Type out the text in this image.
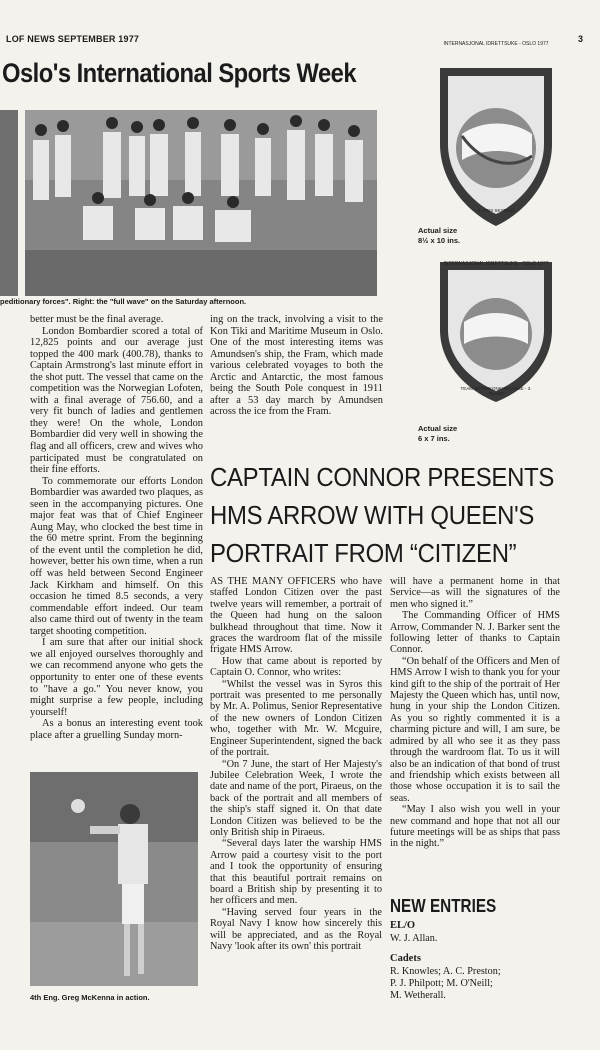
LOF NEWS SEPTEMBER 1977	3
Oslo's International Sports Week
peditionary forces". Right: the "full wave" on the Saturday afternoon.
INTERNASJONAL IDRETTSUKE - OSLO 1977
3. PRIS SKYTING
Actual size
8½ x 10 ins.
INTERNASJONAL IDRETTSUKE - OSLO 1977
TEAM SKYTEKONKURRANSE - 3. PLASS
Actual size
6 x 7 ins.

better must be the final average.

London Bombardier scored a total of 12,825 points and our average just topped the 400 mark (400.78), thanks to Captain Armstrong's last minute effort in the shot putt. The vessel that came on the competition was the Norwegian Lofoten, with a final average of 756.60, and a very fit bunch of ladies and gentlemen they were! On the whole, London Bombardier did very well in showing the flag and all officers, crew and wives who participated must be congratulated on their fine efforts.

To commemorate our efforts London Bombardier was awarded two plaques, as seen in the accompanying pictures. One major feat was that of Chief Engineer Aung May, who clocked the best time in the 60 metre sprint. From the beginning of the event until the completion he did, however, better his own time, when a run off was held between Second Engineer Jack Kirkham and himself. On this occasion he timed 8.5 seconds, a very commendable effort indeed. Our team also came third out of twenty in the team target shooting competition.

I am sure that after our initial shock we all enjoyed ourselves thoroughly and we can recommend anyone who gets the opportunity to enter one of these events to "have a go." You never know, you might surprise a few people, including yourself!

As a bonus an interesting event took place after a gruelling Sunday morn-

ing on the track, involving a visit to the Kon Tiki and Maritime Museum in Oslo. One of the most interesting items was Amundsen's ship, the Fram, which made various celebrated voyages to both the Arctic and Antarctic, the most famous being the South Pole conquest in 1911 after a 53 day march by Amundsen across the ice from the Fram.

CAPTAIN CONNOR PRESENTS
HMS ARROW WITH QUEEN'S
PORTRAIT FROM “CITIZEN”
4th Eng. Greg McKenna in action.

AS THE MANY OFFICERS who have staffed London Citizen over the past twelve years will remember, a portrait of the Queen had hung on the saloon bulkhead throughout that time. Now it graces the wardroom flat of the missile frigate HMS Arrow.

How that came about is reported by Captain O. Connor, who writes:

“Whilst the vessel was in Syros this portrait was presented to me personally by Mr. A. Polimus, Senior Representative of the new owners of London Citizen who, together with Mr. W. Mcguire, Engineer Superintendent, signed the back of the portrait.

“On 7 June, the start of Her Majesty's Jubilee Celebration Week, I wrote the date and name of the port, Piraeus, on the back of the portrait and all members of the ship's staff signed it. On that date London Citizen was believed to be the only British ship in Piraeus.

“Several days later the warship HMS Arrow paid a courtesy visit to the port and I took the opportunity of ensuring that this beautiful portrait remains on board a British ship by presenting it to her officers and men.

“Having served four years in the Royal Navy I know how sincerely this will be appreciated, and as the Royal Navy 'look after its own' this portrait

will have a permanent home in that Service—as will the signatures of the men who signed it.”

The Commanding Officer of HMS Arrow, Commander N. J. Barker sent the following letter of thanks to Captain Connor.

“On behalf of the Officers and Men of HMS Arrow I wish to thank you for your kind gift to the ship of the portrait of Her Majesty the Queen which has, until now, hung in your ship the London Citizen. As you so rightly commented it is a charming picture and will, I am sure, be admired by all who see it as they pass through the wardroom flat. To us it will also be an indication of that bond of trust and friendship which exists between all those whose occupation it is to sail the seas.

“May I also wish you well in your new command and hope that not all our future meetings will be as ships that pass in the night.”

NEW ENTRIES
EL/O
W. J. Allan.
Cadets
R. Knowles; A. C. Preston;
P. J. Philpott; M. O'Neill;
M. Wetherall.
